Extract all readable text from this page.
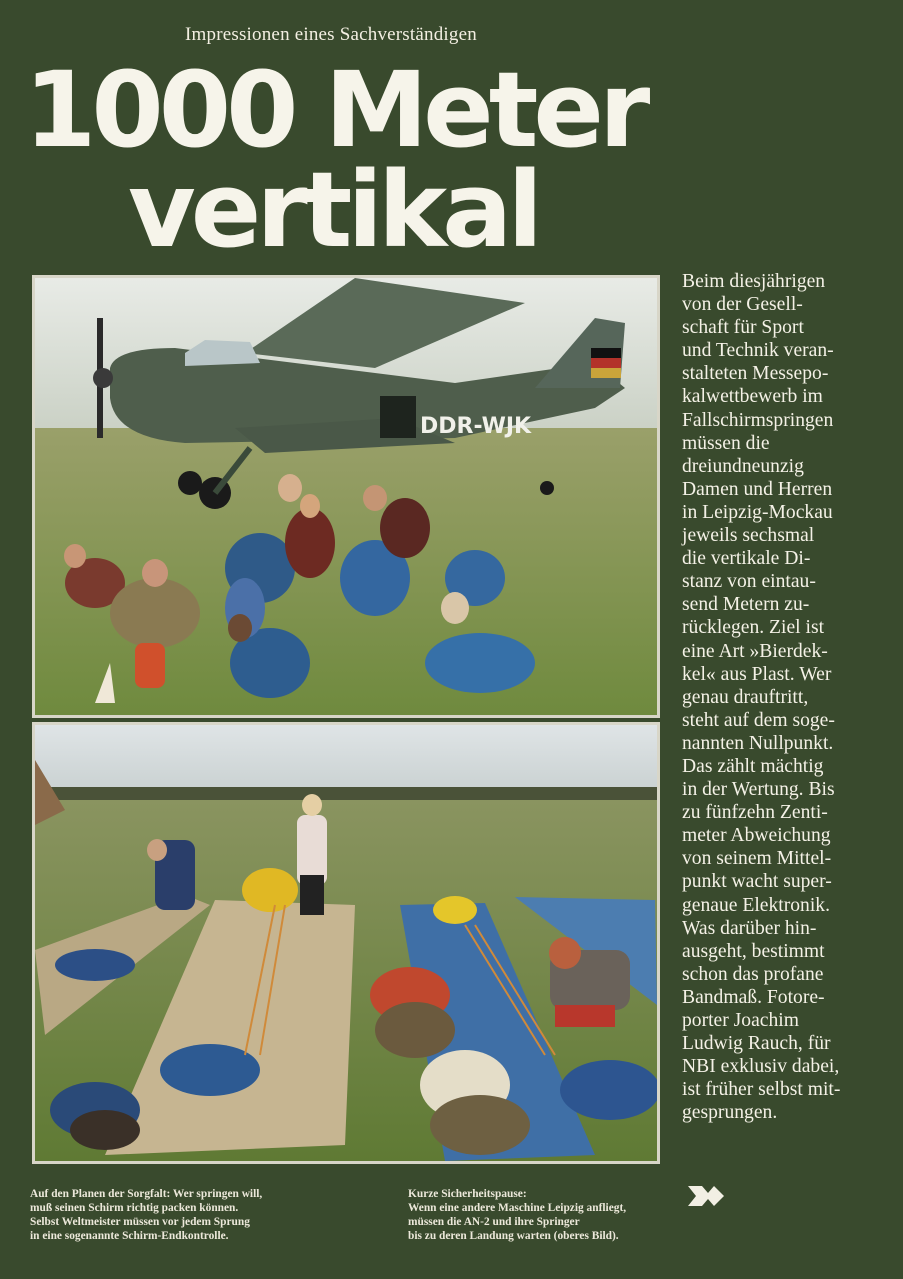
Impressionen eines Sachverständigen
1000 Meter
vertikal
DDR-WJK
Beim diesjährigen
von der Gesell-
schaft für Sport
und Technik veran-
stalteten Messepo-
kalwettbewerb im
Fallschirmspringen
müssen die
dreiundneunzig
Damen und Herren
in Leipzig-Mockau
jeweils sechsmal
die vertikale Di-
stanz von eintau-
send Metern zu-
rücklegen. Ziel ist
eine Art »Bierdek-
kel« aus Plast. Wer
genau drauftritt,
steht auf dem soge-
nannten Nullpunkt.
Das zählt mächtig
in der Wertung. Bis
zu fünfzehn Zenti-
meter Abweichung
von seinem Mittel-
punkt wacht super-
genaue Elektronik.
Was darüber hin-
ausgeht, bestimmt
schon das profane
Bandmaß. Fotore-
porter Joachim
Ludwig Rauch, für
NBI exklusiv dabei,
ist früher selbst mit-
gesprungen.
Auf den Planen der Sorgfalt: Wer springen will,
muß seinen Schirm richtig packen können.
Selbst Weltmeister müssen vor jedem Sprung
in eine sogenannte Schirm-Endkontrolle.
Kurze Sicherheitspause:
Wenn eine andere Maschine Leipzig anfliegt,
müssen die AN-2 und ihre Springer
bis zu deren Landung warten (oberes Bild).
